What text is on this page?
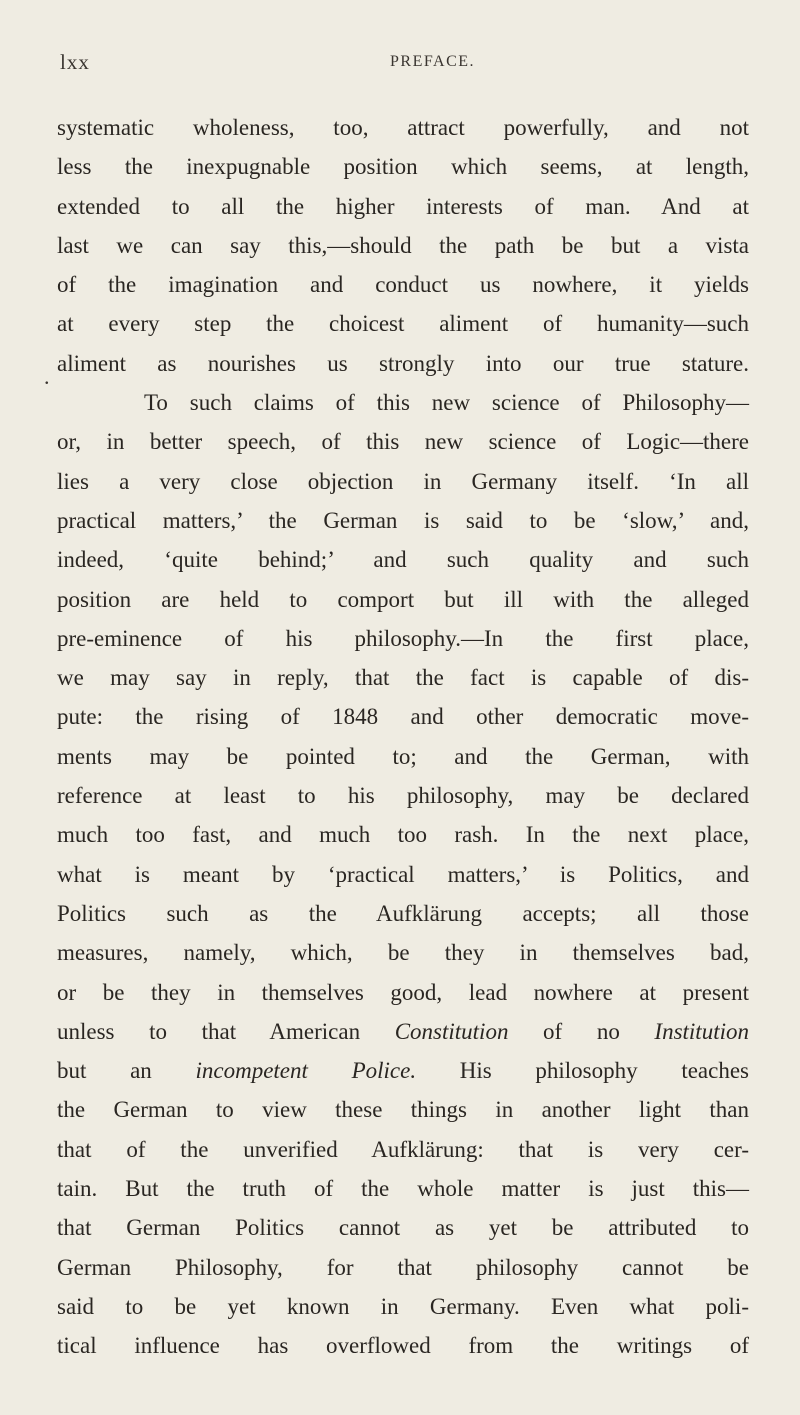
lxx	PREFACE.
.
systematic wholeness, too, attract powerfully, and not
less the inexpugnable position which seems, at length,
extended to all the higher interests of man. And at
last we can say this,—should the path be but a vista
of the imagination and conduct us nowhere, it yields
at every step the choicest aliment of humanity—such
aliment as nourishes us strongly into our true stature.
To such claims of this new science of Philosophy—
or, in better speech, of this new science of Logic—there
lies a very close objection in Germany itself. ‘In all
practical matters,’ the German is said to be ‘slow,’ and,
indeed, ‘quite behind;’ and such quality and such
position are held to comport but ill with the alleged
pre-eminence of his philosophy.—In the first place,
we may say in reply, that the fact is capable of dis-
pute: the rising of 1848 and other democratic move-
ments may be pointed to; and the German, with
reference at least to his philosophy, may be declared
much too fast, and much too rash. In the next place,
what is meant by ‘practical matters,’ is Politics, and
Politics such as the Aufklärung accepts; all those
measures, namely, which, be they in themselves bad,
or be they in themselves good, lead nowhere at present
unless to that American Constitution of no Institution
but an incompetent Police. His philosophy teaches
the German to view these things in another light than
that of the unverified Aufklärung: that is very cer-
tain. But the truth of the whole matter is just this—
that German Politics cannot as yet be attributed to
German Philosophy, for that philosophy cannot be
said to be yet known in Germany. Even what poli-
tical influence has overflowed from the writings of
